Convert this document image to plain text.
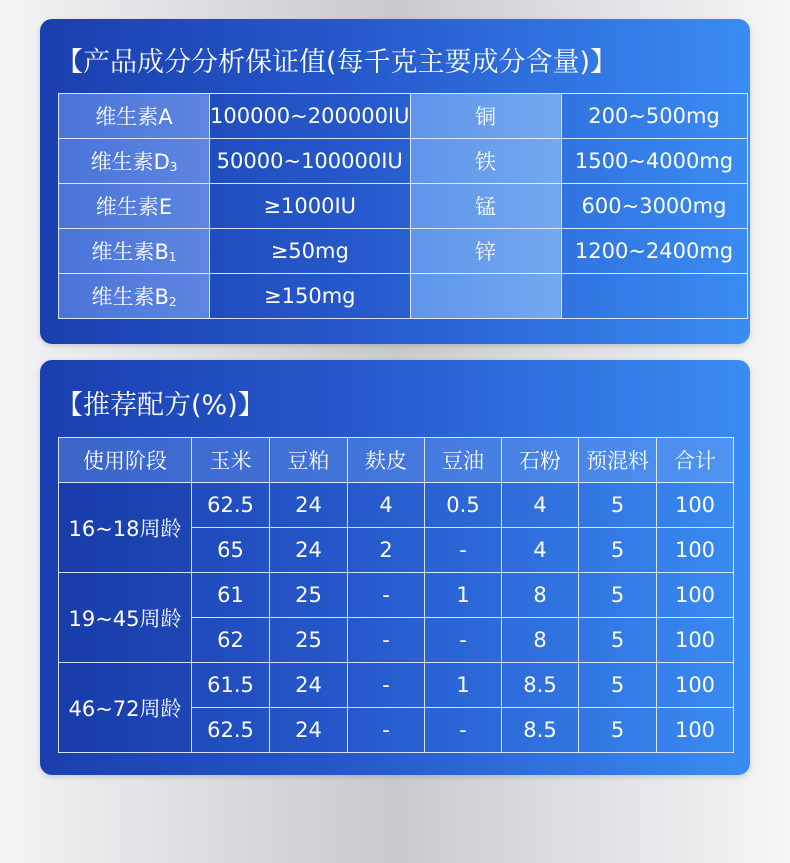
【产品成分分析保证值(每千克主要成分含量)】
维生素A	100000~200000IU	铜	200~500mg
维生素D3	50000~100000IU	铁	1500~4000mg
维生素E	≥1000IU	锰	600~3000mg
维生素B1	≥50mg	锌	1200~2400mg
维生素B2	≥150mg		
【推荐配方(%)】
使用阶段	玉米	豆粕	麸皮	豆油	石粉	预混料	合计
16~18周龄	62.5	24	4	0.5	4	5	100
	65	24	2	-	4	5	100
19~45周龄	61	25	-	1	8	5	100
	62	25	-	-	8	5	100
46~72周龄	61.5	24	-	1	8.5	5	100
	62.5	24	-	-	8.5	5	100
